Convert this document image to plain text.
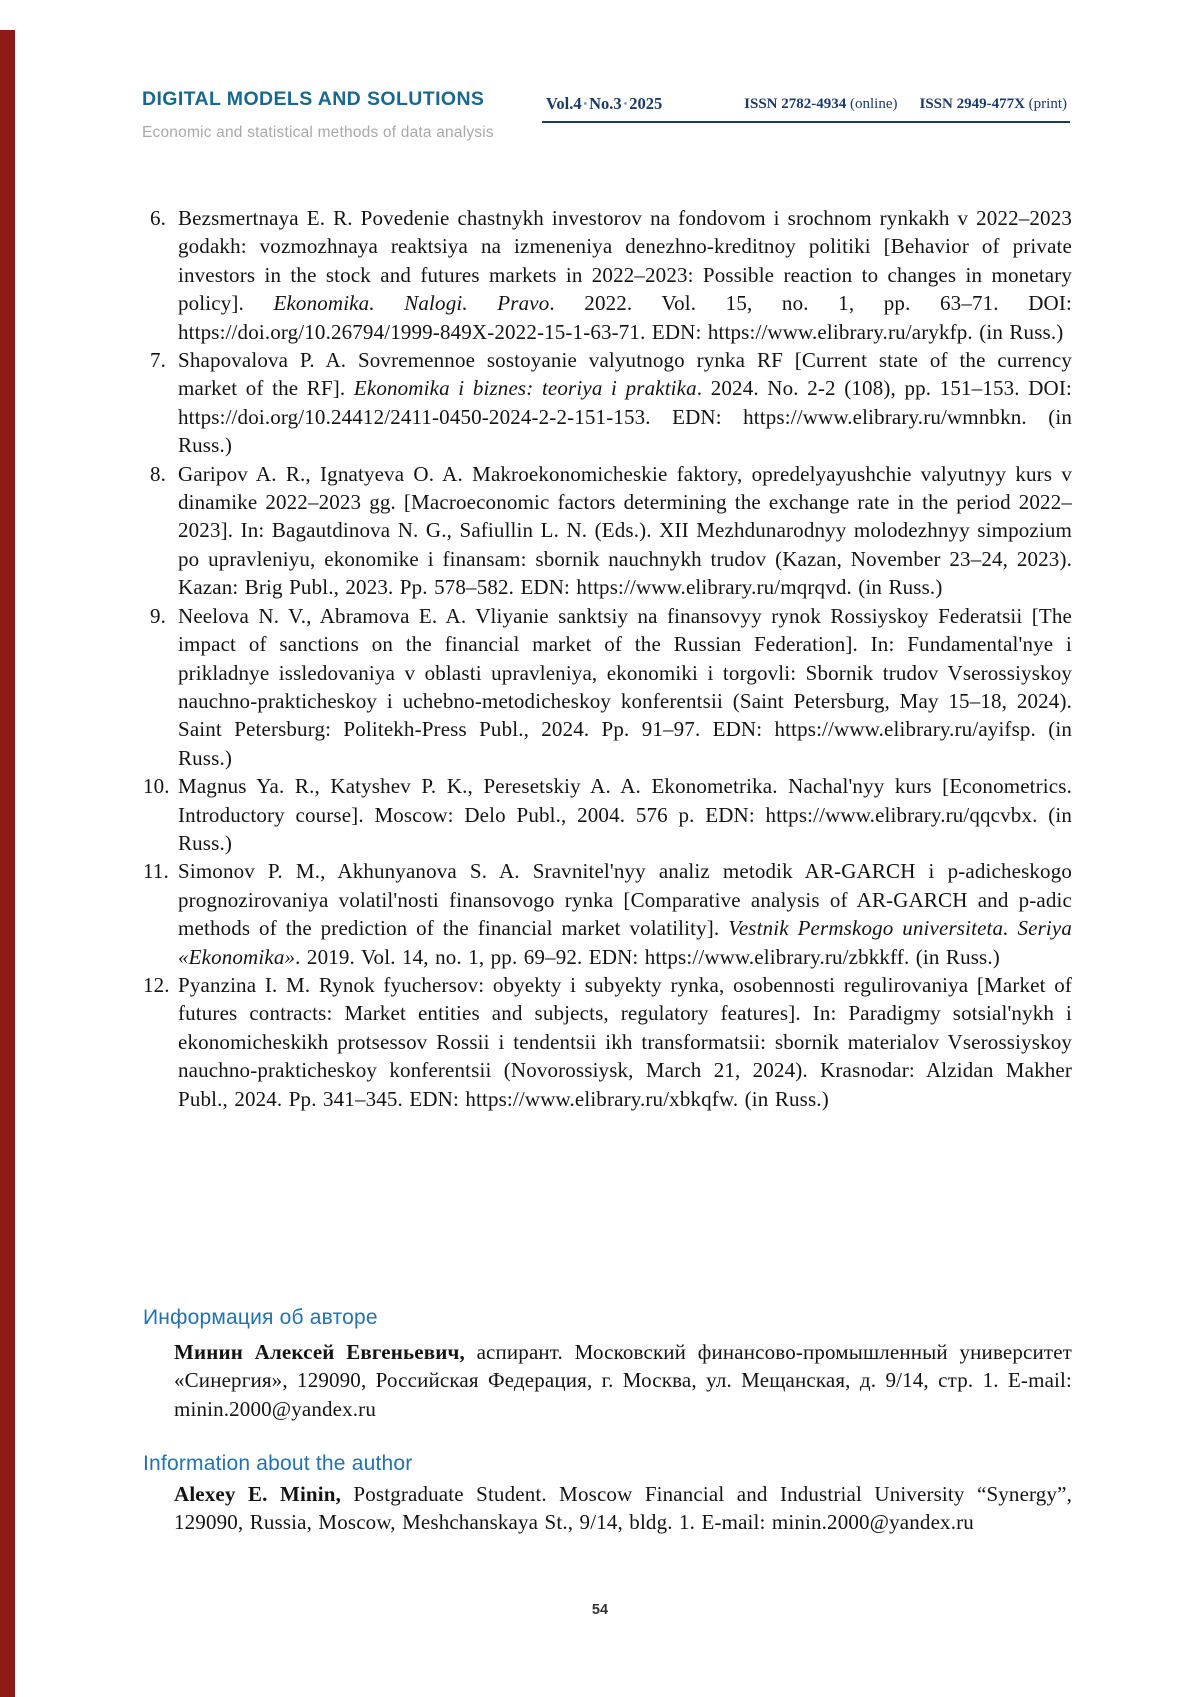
DIGITAL MODELS AND SOLUTIONS
Economic and statistical methods of data analysis
Vol.4 • No.3 • 2025	ISSN 2782-4934 (online) ISSN 2949-477X (print)

6. Bezsmertnaya E. R. Povedenie chastnykh investorov na fondovom i srochnom rynkakh v 2022–2023 godakh: vozmozhnaya reaktsiya na izmeneniya denezhno-kreditnoy politiki [Behavior of private investors in the stock and futures markets in 2022–2023: Possible reaction to changes in monetary policy]. Ekonomika. Nalogi. Pravo. 2022. Vol. 15, no. 1, pp. 63–71. DOI: https://doi.org/10.26794/1999-849X-2022-15-1-63-71. EDN: https://www.elibrary.ru/arykfp. (in Russ.)

7. Shapovalova P. A. Sovremennoe sostoyanie valyutnogo rynka RF [Current state of the currency market of the RF]. Ekonomika i biznes: teoriya i praktika. 2024. No. 2-2 (108), pp. 151–153. DOI: https://doi.org/10.24412/2411-0450-2024-2-2-151-153. EDN: https://www.elibrary.ru/wmnbkn. (in Russ.)

8. Garipov A. R., Ignatyeva O. A. Makroekonomicheskie faktory, opredelyayushchie valyutnyy kurs v dinamike 2022–2023 gg. [Macroeconomic factors determining the exchange rate in the period 2022–2023]. In: Bagautdinova N. G., Safiullin L. N. (Eds.). XII Mezhdunarodnyy molodezhnyy simpozium po upravleniyu, ekonomike i finansam: sbornik nauchnykh trudov (Kazan, November 23–24, 2023). Kazan: Brig Publ., 2023. Pp. 578–582. EDN: https://www.elibrary.ru/mqrqvd. (in Russ.)

9. Neelova N. V., Abramova E. A. Vliyanie sanktsiy na finansovyy rynok Rossiyskoy Federatsii [The impact of sanctions on the financial market of the Russian Federation]. In: Fundamental'nye i prikladnye issledovaniya v oblasti upravleniya, ekonomiki i torgovli: Sbornik trudov Vserossiyskoy nauchno-prakticheskoy i uchebno-metodicheskoy konferentsii (Saint Petersburg, May 15–18, 2024). Saint Petersburg: Politekh-Press Publ., 2024. Pp. 91–97. EDN: https://www.elibrary.ru/ayifsp. (in Russ.)

10. Magnus Ya. R., Katyshev P. K., Peresetskiy A. A. Ekonometrika. Nachal'nyy kurs [Econometrics. Introductory course]. Moscow: Delo Publ., 2004. 576 p. EDN: https://www.elibrary.ru/qqcvbx. (in Russ.)

11. Simonov P. M., Akhunyanova S. A. Sravnitel'nyy analiz metodik AR-GARCH i p-adicheskogo prognozirovaniya volatil'nosti finansovogo rynka [Comparative analysis of AR-GARCH and p-adic methods of the prediction of the financial market volatility]. Vestnik Permskogo universiteta. Seriya «Ekonomika». 2019. Vol. 14, no. 1, pp. 69–92. EDN: https://www.elibrary.ru/zbkkff. (in Russ.)

12. Pyanzina I. M. Rynok fyuchersov: obyekty i subyekty rynka, osobennosti regulirovaniya [Market of futures contracts: Market entities and subjects, regulatory features]. In: Paradigmy sotsial'nykh i ekonomicheskikh protsessov Rossii i tendentsii ikh transformatsii: sbornik materialov Vserossiyskoy nauchno-prakticheskoy konferentsii (Novorossiysk, March 21, 2024). Krasnodar: Alzidan Makher Publ., 2024. Pp. 341–345. EDN: https://www.elibrary.ru/xbkqfw. (in Russ.)

Информация об авторе

Минин Алексей Евгеньевич, аспирант. Московский финансово-промышленный университет «Синергия», 129090, Российская Федерация, г. Москва, ул. Мещанская, д. 9/14, стр. 1. E-mail: minin.2000@yandex.ru

Information about the author

Alexey E. Minin, Postgraduate Student. Moscow Financial and Industrial University “Synergy”, 129090, Russia, Moscow, Meshchanskaya St., 9/14, bldg. 1. E-mail: minin.2000@yandex.ru

54
